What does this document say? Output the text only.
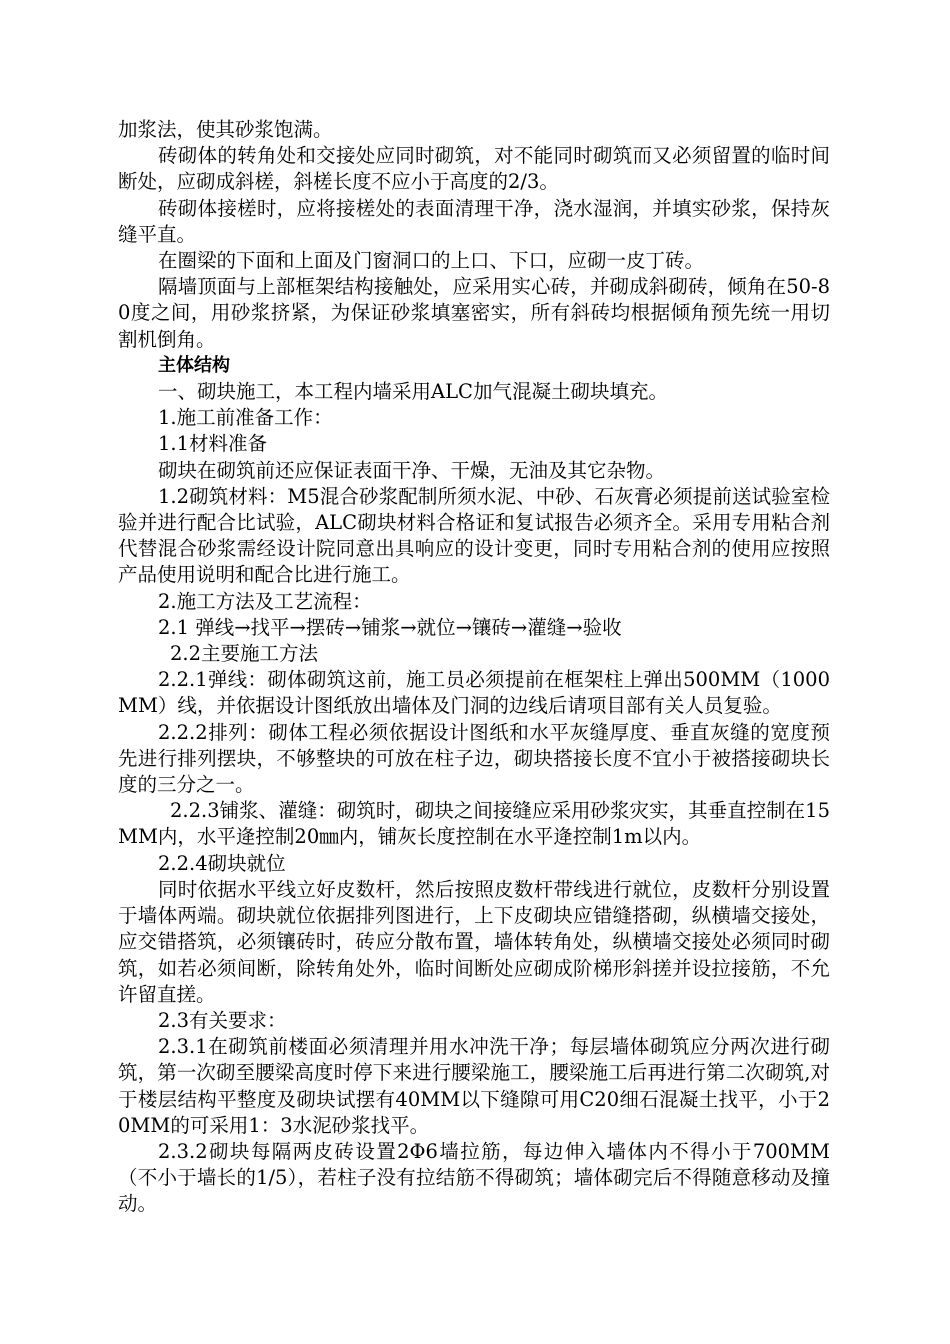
加浆法，使其砂浆饱满。

砖砌体的转角处和交接处应同时砌筑，对不能同时砌筑而又必须留置的临时间断处，应砌成斜槎，斜槎长度不应小于高度的2/3。

砖砌体接槎时，应将接槎处的表面清理干净，浇水湿润，并填实砂浆，保持灰缝平直。

在圈梁的下面和上面及门窗洞口的上口、下口，应砌一皮丁砖。

隔墙顶面与上部框架结构接触处，应采用实心砖，并砌成斜砌砖，倾角在50-80度之间，用砂浆挤紧，为保证砂浆填塞密实，所有斜砖均根据倾角预先统一用切割机倒角。

主体结构

一、砌块施工，本工程内墙采用ALC加气混凝土砌块填充。

1.施工前准备工作：

1.1材料准备

砌块在砌筑前还应保证表面干净、干燥，无油及其它杂物。

1.2砌筑材料：M5混合砂浆配制所须水泥、中砂、石灰膏必须提前送试验室检验并进行配合比试验，ALC砌块材料合格证和复试报告必须齐全。采用专用粘合剂代替混合砂浆需经设计院同意出具响应的设计变更，同时专用粘合剂的使用应按照产品使用说明和配合比进行施工。

2.施工方法及工艺流程：

2.1 弹线→找平→摆砖→铺浆→就位→镶砖→灌缝→验收

2.2主要施工方法

2.2.1弹线：砌体砌筑这前，施工员必须提前在框架柱上弹出500MM（1000MM）线，并依据设计图纸放出墙体及门洞的边线后请项目部有关人员复验。

2.2.2排列：砌体工程必须依据设计图纸和水平灰缝厚度、垂直灰缝的宽度预先进行排列摆块，不够整块的可放在柱子边，砌块搭接长度不宜小于被搭接砌块长度的三分之一。

2.2.3铺浆、灌缝：砌筑时，砌块之间接缝应采用砂浆灾实，其垂直控制在15MM内，水平逄控制20㎜内，铺灰长度控制在水平逄控制1m以内。

2.2.4砌块就位

同时依据水平线立好皮数杆，然后按照皮数杆带线进行就位，皮数杆分别设置于墙体两端。砌块就位依据排列图进行，上下皮砌块应错缝搭砌，纵横墙交接处，应交错搭筑，必须镶砖时，砖应分散布置，墙体转角处，纵横墙交接处必须同时砌筑，如若必须间断，除转角处外，临时间断处应砌成阶梯形斜搓并设拉接筋，不允许留直搓。

2.3有关要求：

2.3.1在砌筑前楼面必须清理并用水冲洗干净；每层墙体砌筑应分两次进行砌筑，第一次砌至腰梁高度时停下来进行腰梁施工，腰梁施工后再进行第二次砌筑,对于楼层结构平整度及砌块试摆有40MM以下缝隙可用C20细石混凝土找平，小于20MM的可采用1：3水泥砂浆找平。

2.3.2砌块每隔两皮砖设置2Φ6墙拉筋，每边伸入墙体内不得小于700MM（不小于墙长的1/5），若柱子没有拉结筋不得砌筑；墙体砌完后不得随意移动及撞动。
